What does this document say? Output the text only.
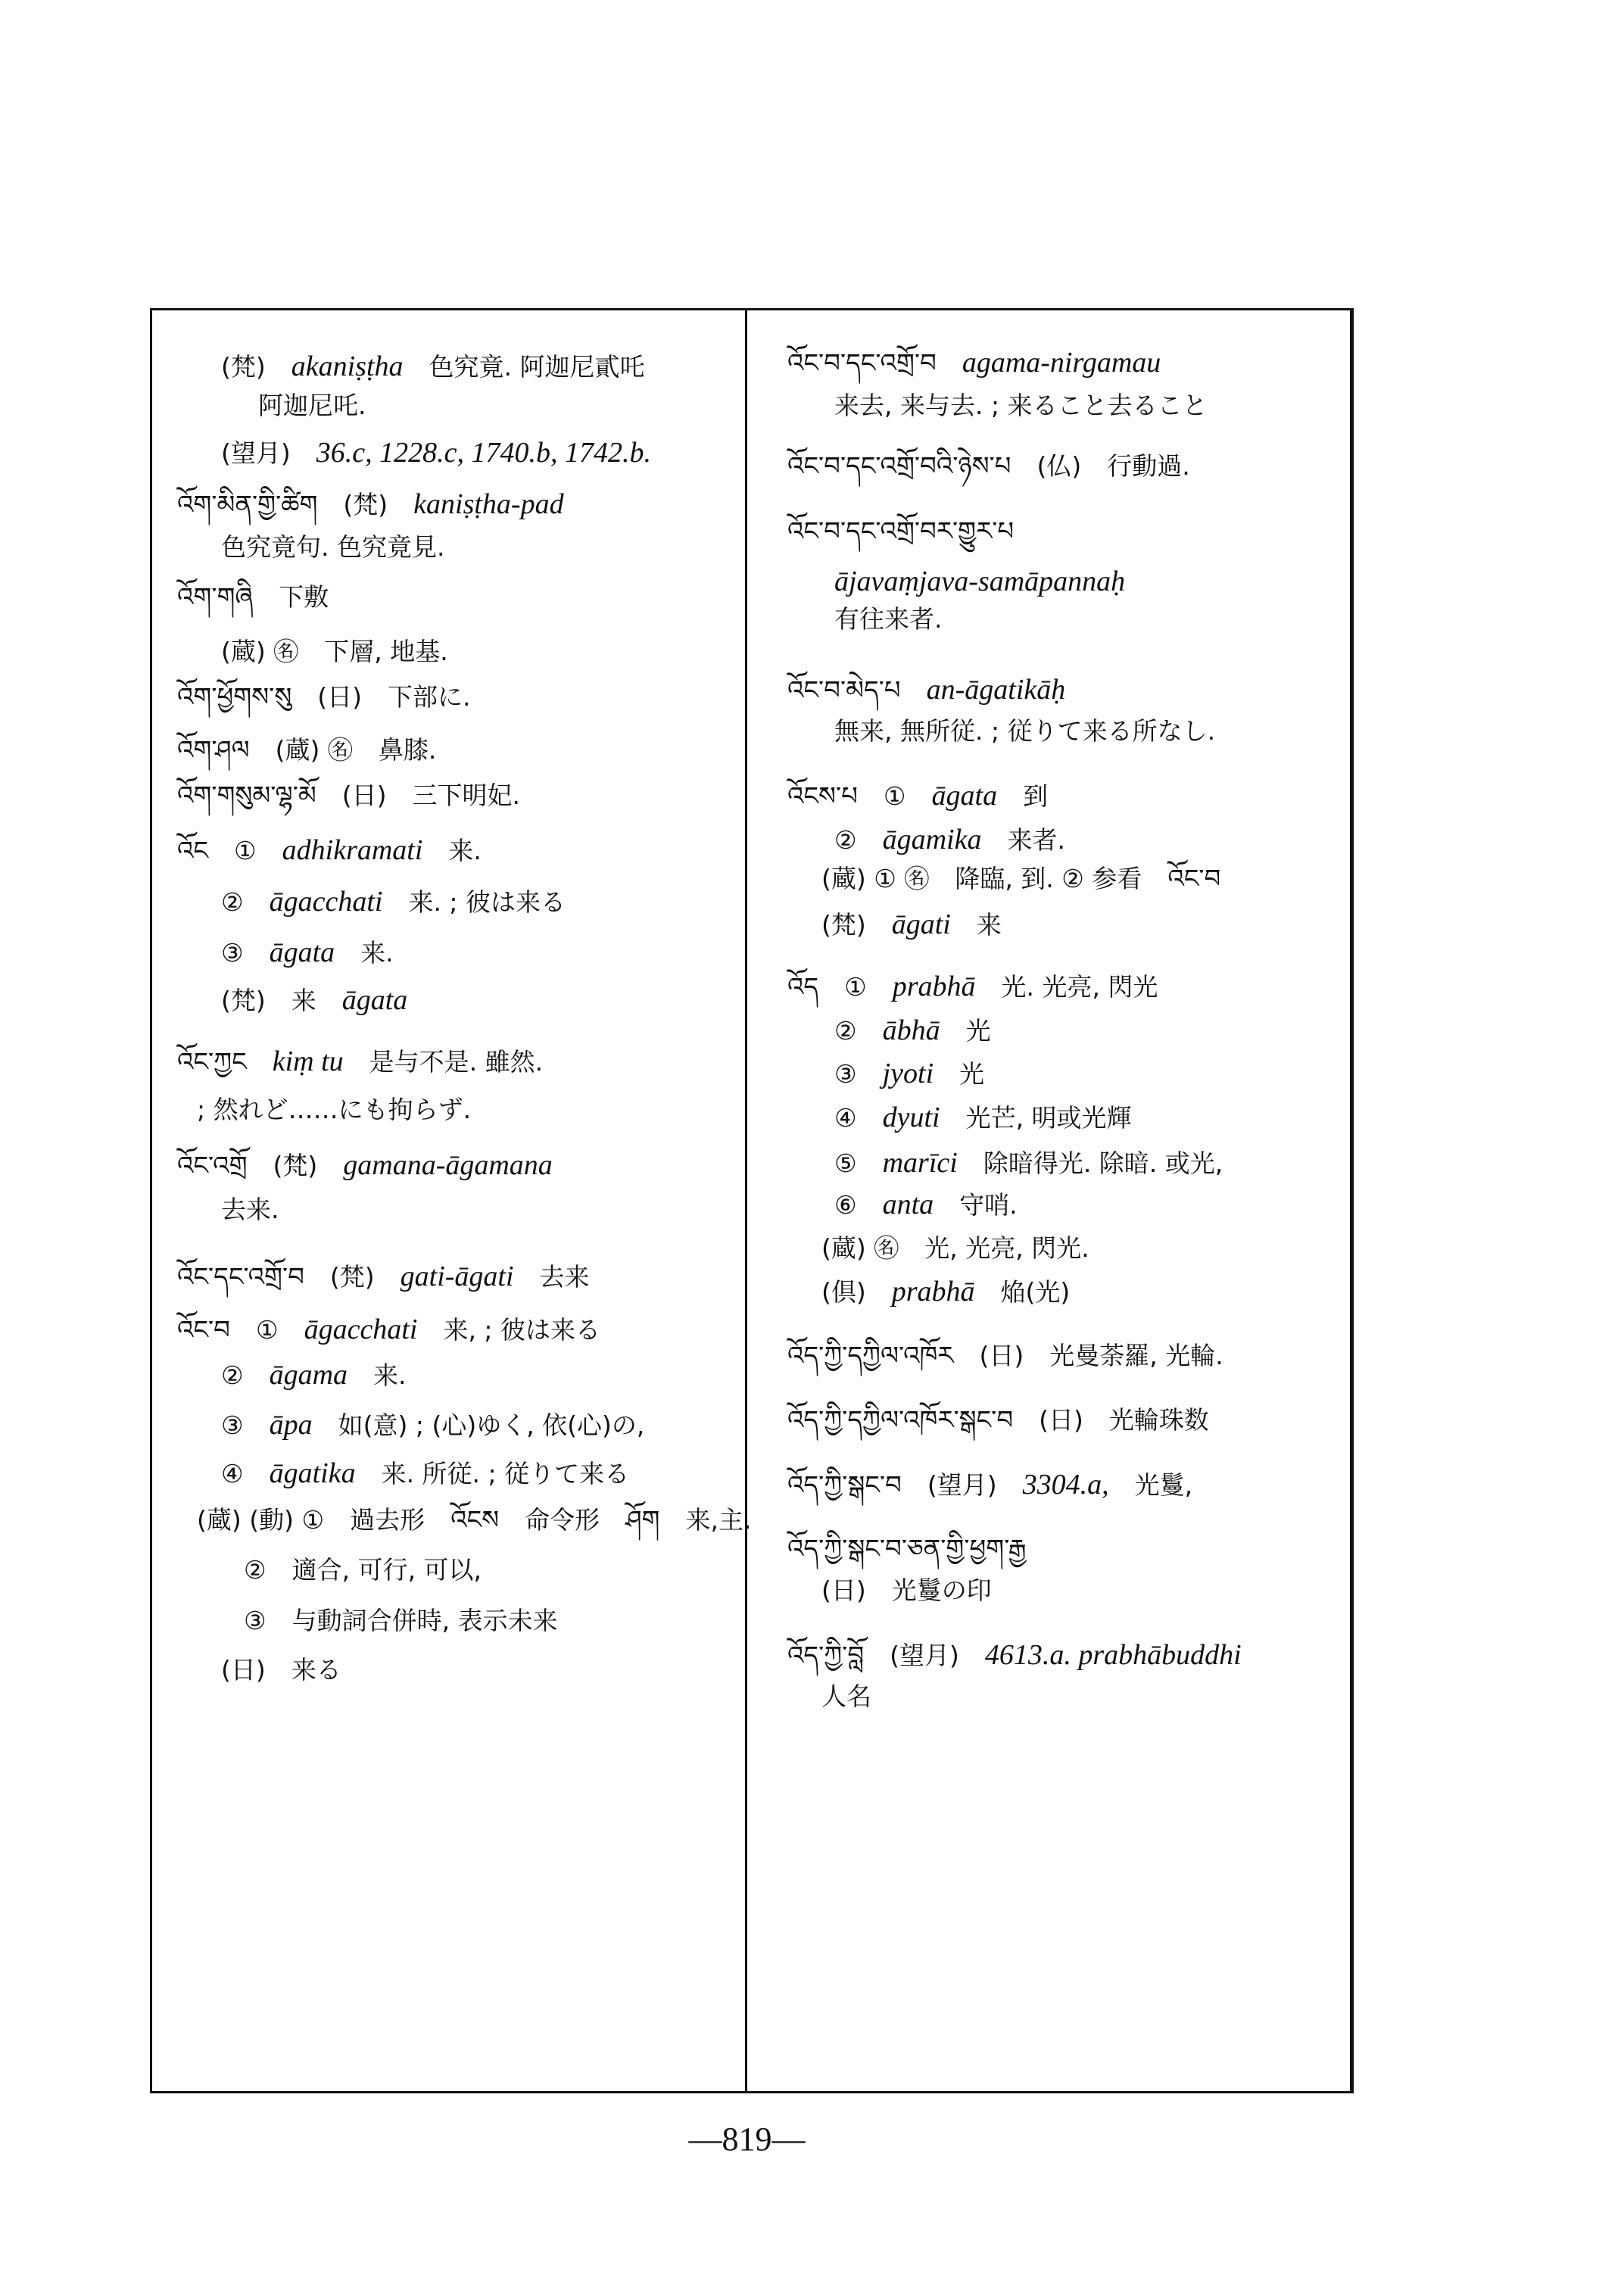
(梵) akaniṣṭha 色究竟. 阿迦尼貳吒
阿迦尼吒.
(望月) 36.c, 1228.c, 1740.b, 1742.b.
འོག་མིན་གྱི་ཚིག (梵) kaniṣṭha-pad
色究竟句. 色究竟見.
འོག་གཞི 下敷
(蔵) ㊔ 下層, 地基.
འོག་ཕྱོགས་སུ (日) 下部に.
འོག་ཤལ (蔵) ㊔ 鼻膝.
འོག་གསུམ་ལྷ་མོ (日) 三下明妃.
འོང ① adhikramati 来.
② āgacchati 来. ; 彼は来る
③ āgata 来.
(梵) 来 āgata
འོང་ཀྱང kiṃ tu 是与不是. 雖然.
; 然れど……にも拘らず.
འོང་འགྲོ (梵) gamana-āgamana
去来.
འོང་དང་འགྲོ་བ (梵) gati-āgati 去来
འོང་བ ① āgacchati 来, ; 彼は来る
② āgama 来.
③ āpa 如(意) ; (心)ゆく, 依(心)の,
④ āgatika 来. 所従. ; 従りて来る
(蔵) (動) ① 過去形 འོངས 命令形 ཤོག 来,主.
② 適合, 可行, 可以,
③ 与動詞合併時, 表示未来
(日) 来る
འོང་བ་དང་འགྲོ་བ agama-nirgamau
来去, 来与去. ; 来ること去ること
འོང་བ་དང་འགྲོ་བའི་ཉེས་པ (仏) 行動過.
འོང་བ་དང་འགྲོ་བར་གྱུར་པ
ājavaṃjava-samāpannaḥ
有往来者.
འོང་བ་མེད་པ an-āgatikāḥ
無来, 無所従. ; 従りて来る所なし.
འོངས་པ ① āgata 到
② āgamika 来者.
(蔵) ① ㊔ 降臨, 到. ② 参看 འོང་བ
(梵) āgati 来
འོད ① prabhā 光. 光亮, 閃光
② ābhā 光
③ jyoti 光
④ dyuti 光芒, 明或光輝
⑤ marīci 除暗得光. 除暗. 或光,
⑥ anta 守哨.
(蔵) ㊔ 光, 光亮, 閃光.
(倶) prabhā 焔(光)
འོད་ཀྱི་དཀྱིལ་འཁོར (日) 光曼荼羅, 光輪.
འོད་ཀྱི་དཀྱིལ་འཁོར་སྒང་བ (日) 光輪珠数
འོད་ཀྱི་སྒང་བ (望月) 3304.a, 光鬘,
འོད་ཀྱི་སྒང་བ་ཅན་གྱི་ཕྱག་རྒྱ
(日) 光鬘の印
འོད་ཀྱི་བློ (望月) 4613.a. prabhābuddhi
人名
—819—
